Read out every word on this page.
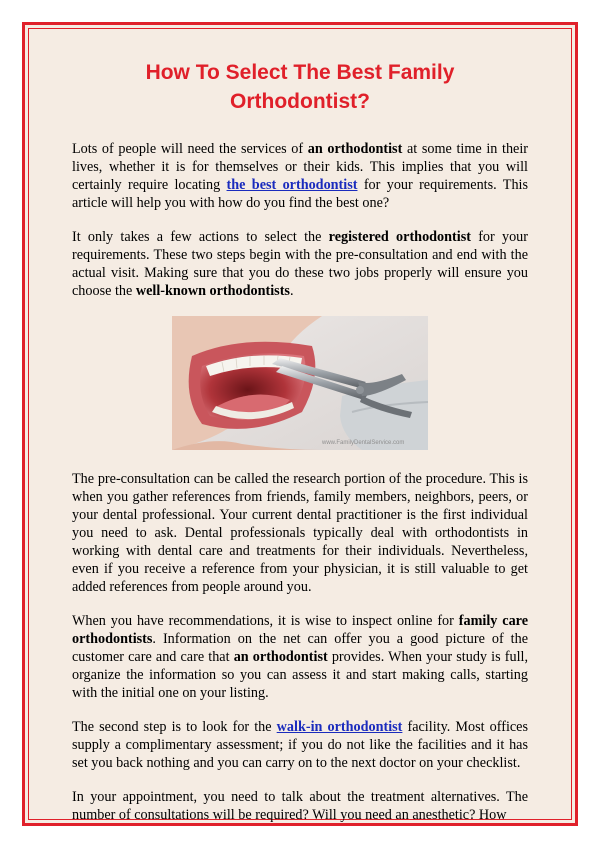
How To Select The Best Family
Orthodontist?

Lots of people will need the services of an orthodontist at some time in their lives, whether it is for themselves or their kids. This implies that you will certainly require locating the best orthodontist for your requirements. This article will help you with how do you find the best one?

It only takes a few actions to select the registered orthodontist for your requirements. These two steps begin with the pre-consultation and end with the actual visit. Making sure that you do these two jobs properly will ensure you choose the well-known orthodontists.

www.FamilyDentalService.com

The pre-consultation can be called the research portion of the procedure. This is when you gather references from friends, family members, neighbors, peers, or your dental professional. Your current dental practitioner is the first individual you need to ask. Dental professionals typically deal with orthodontists in working with dental care and treatments for their individuals. Nevertheless, even if you receive a reference from your physician, it is still valuable to get added references from people around you.

When you have recommendations, it is wise to inspect online for family care orthodontists. Information on the net can offer you a good picture of the customer care and care that an orthodontist provides. When your study is full, organize the information so you can assess it and start making calls, starting with the initial one on your listing.

The second step is to look for the walk-in orthodontist facility. Most offices supply a complimentary assessment; if you do not like the facilities and it has set you back nothing and you can carry on to the next doctor on your checklist.

In your appointment, you need to talk about the treatment alternatives. The number of consultations will be required? Will you need an anesthetic? How
